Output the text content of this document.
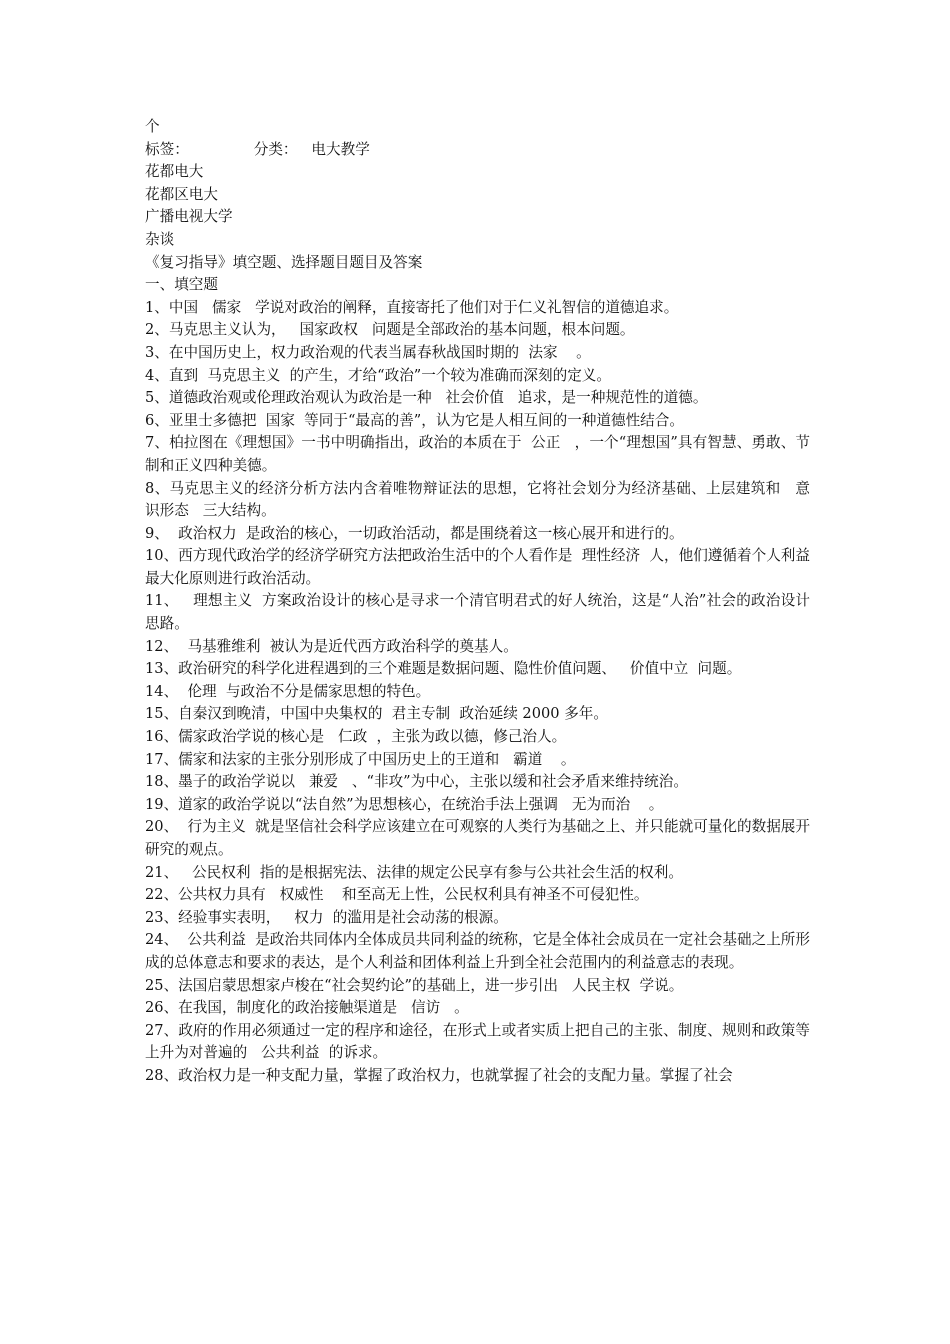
个
标签：              分类：   电大教学
花都电大
花都区电大
广播电视大学
杂谈
《复习指导》填空题、选择题目题目及答案
一、填空题
1、中国   儒家   学说对政治的阐释，直接寄托了他们对于仁义礼智信的道德追求。
2、马克思主义认为，   国家政权   问题是全部政治的基本问题，根本问题。
3、在中国历史上，权力政治观的代表当属春秋战国时期的  法家    。
4、直到  马克思主义  的产生，才给“政治”一个较为准确而深刻的定义。
5、道德政治观或伦理政治观认为政治是一种   社会价值   追求，是一种规范性的道德。
6、亚里士多德把  国家  等同于“最高的善”，认为它是人相互间的一种道德性结合。
7、柏拉图在《理想国》一书中明确指出，政治的本质在于  公正   ，一个“理想国”具有智慧、勇敢、节制和正义四种美德。
8、马克思主义的经济分析方法内含着唯物辩证法的思想，它将社会划分为经济基础、上层建筑和   意识形态   三大结构。
9、  政治权力  是政治的核心，一切政治活动，都是围绕着这一核心展开和进行的。
10、西方现代政治学的经济学研究方法把政治生活中的个人看作是  理性经济  人，他们遵循着个人利益最大化原则进行政治活动。
11、   理想主义  方案政治设计的核心是寻求一个清官明君式的好人统治，这是“人治”社会的政治设计思路。
12、  马基雅维利  被认为是近代西方政治科学的奠基人。
13、政治研究的科学化进程遇到的三个难题是数据问题、隐性价值问题、   价值中立  问题。
14、  伦理  与政治不分是儒家思想的特色。
15、自秦汉到晚清，中国中央集权的  君主专制  政治延续 2000 多年。
16、儒家政治学说的核心是   仁政  ，主张为政以德，修己治人。
17、儒家和法家的主张分别形成了中国历史上的王道和   霸道    。
18、墨子的政治学说以   兼爱   、“非攻”为中心，主张以缓和社会矛盾来维持统治。
19、道家的政治学说以“法自然”为思想核心，在统治手法上强调   无为而治    。
20、  行为主义  就是坚信社会科学应该建立在可观察的人类行为基础之上、并只能就可量化的数据展开研究的观点。
21、   公民权利  指的是根据宪法、法律的规定公民享有参与公共社会生活的权利。
22、公共权力具有   权威性    和至高无上性，公民权利具有神圣不可侵犯性。
23、经验事实表明，   权力  的滥用是社会动荡的根源。
24、  公共利益  是政治共同体内全体成员共同利益的统称，它是全体社会成员在一定社会基础之上所形成的总体意志和要求的表达，是个人利益和团体利益上升到全社会范围内的利益意志的表现。
25、法国启蒙思想家卢梭在“社会契约论”的基础上，进一步引出   人民主权  学说。
26、在我国，制度化的政治接触渠道是   信访   。
27、政府的作用必须通过一定的程序和途径，在形式上或者实质上把自己的主张、制度、规则和政策等上升为对普遍的   公共利益  的诉求。
28、政治权力是一种支配力量，掌握了政治权力，也就掌握了社会的支配力量。掌握了社会
